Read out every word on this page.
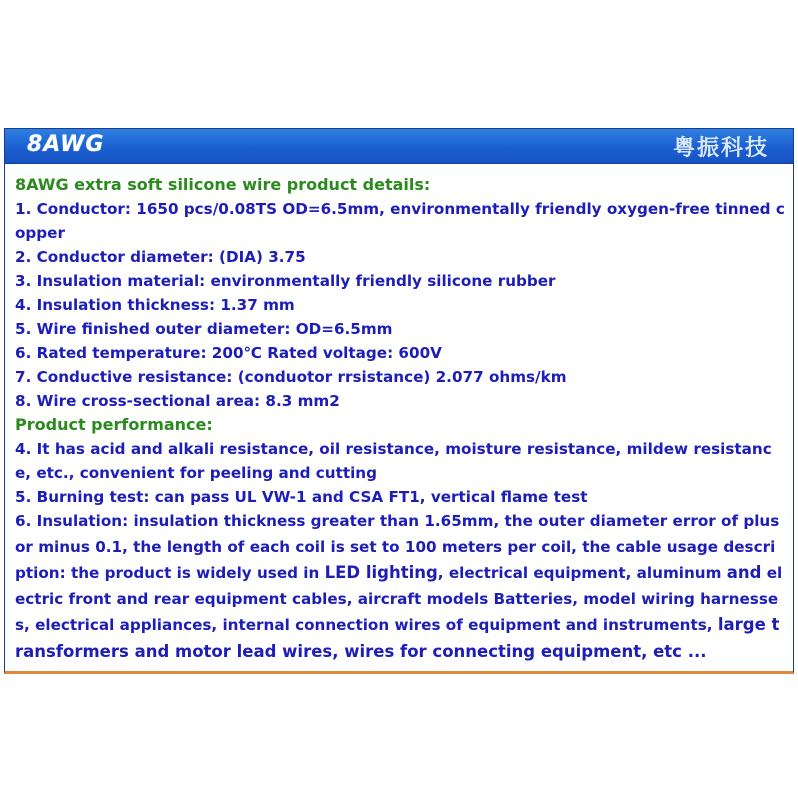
8AWG	粤振科技

8AWG extra soft silicone wire product details:

1. Conductor: 1650 pcs/0.08TS OD=6.5mm, environmentally friendly oxygen-free tinned copper

2. Conductor diameter: (DIA) 3.75

3. Insulation material: environmentally friendly silicone rubber

4. Insulation thickness: 1.37 mm

5. Wire finished outer diameter: OD=6.5mm

6. Rated temperature: 200℃ Rated voltage: 600V

7. Conductive resistance: (conduotor rrsistance) 2.077 ohms/km

8. Wire cross-sectional area: 8.3 mm2

Product performance:

4. It has acid and alkali resistance, oil resistance, moisture resistance, mildew resistance, etc., convenient for peeling and cutting

5. Burning test: can pass UL VW-1 and CSA FT1, vertical flame test

6. Insulation: insulation thickness greater than 1.65mm, the outer diameter error of plus or minus 0.1, the length of each coil is set to 100 meters per coil, the cable usage description: the product is widely used in LED lighting, electrical equipment, aluminum and electric front and rear equipment cables, aircraft models Batteries, model wiring harnesses, electrical appliances, internal connection wires of equipment and instruments, large transformers and motor lead wires, wires for connecting equipment, etc ...
